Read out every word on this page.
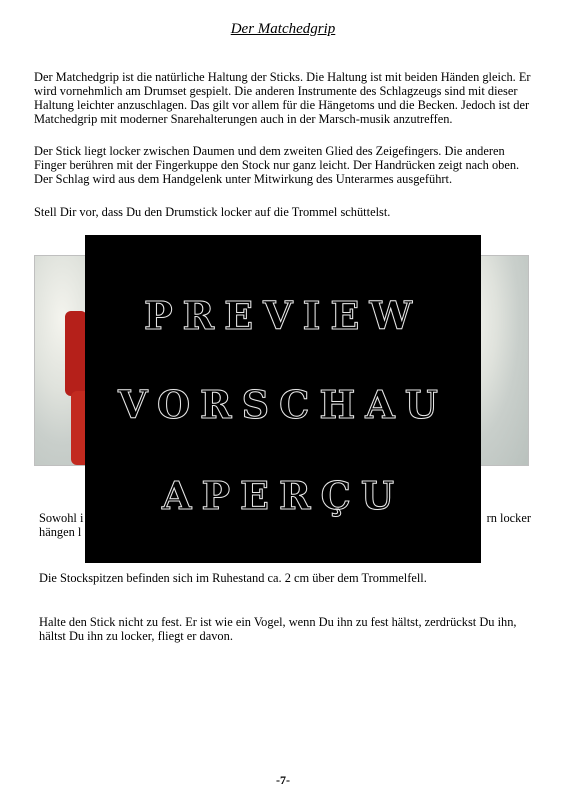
Der Matchedgrip
Der Matchedgrip ist die natürliche Haltung der Sticks. Die Haltung ist mit beiden Händen gleich. Er wird vornehmlich am Drumset gespielt. Die anderen Instrumente des Schlagzeugs sind mit dieser Haltung leichter anzuschlagen. Das gilt vor allem für die Hängetoms und die Becken. Jedoch ist der Matchedgrip mit moderner Snarehalterungen auch in der Marsch-musik anzutreffen.
Der Stick liegt locker zwischen Daumen und dem zweiten Glied des Zeigefingers. Die anderen Finger berühren mit der Fingerkuppe den Stock nur ganz leicht. Der Handrücken zeigt nach oben. Der Schlag wird aus dem Handgelenk unter Mitwirkung des Unterarmes ausgeführt.
Stell Dir vor, dass Du den Drumstick locker auf die Trommel schüttelst.
Sowohl i	rn locker
hängen l
PREVIEW
VORSCHAU
APERÇU
Die Stockspitzen befinden sich im Ruhestand ca. 2 cm über dem Trommelfell.
Halte den Stick nicht zu fest. Er ist wie ein Vogel, wenn Du ihn zu fest hältst, zerdrückst Du ihn, hältst Du ihn zu locker, fliegt er davon.
-7-
